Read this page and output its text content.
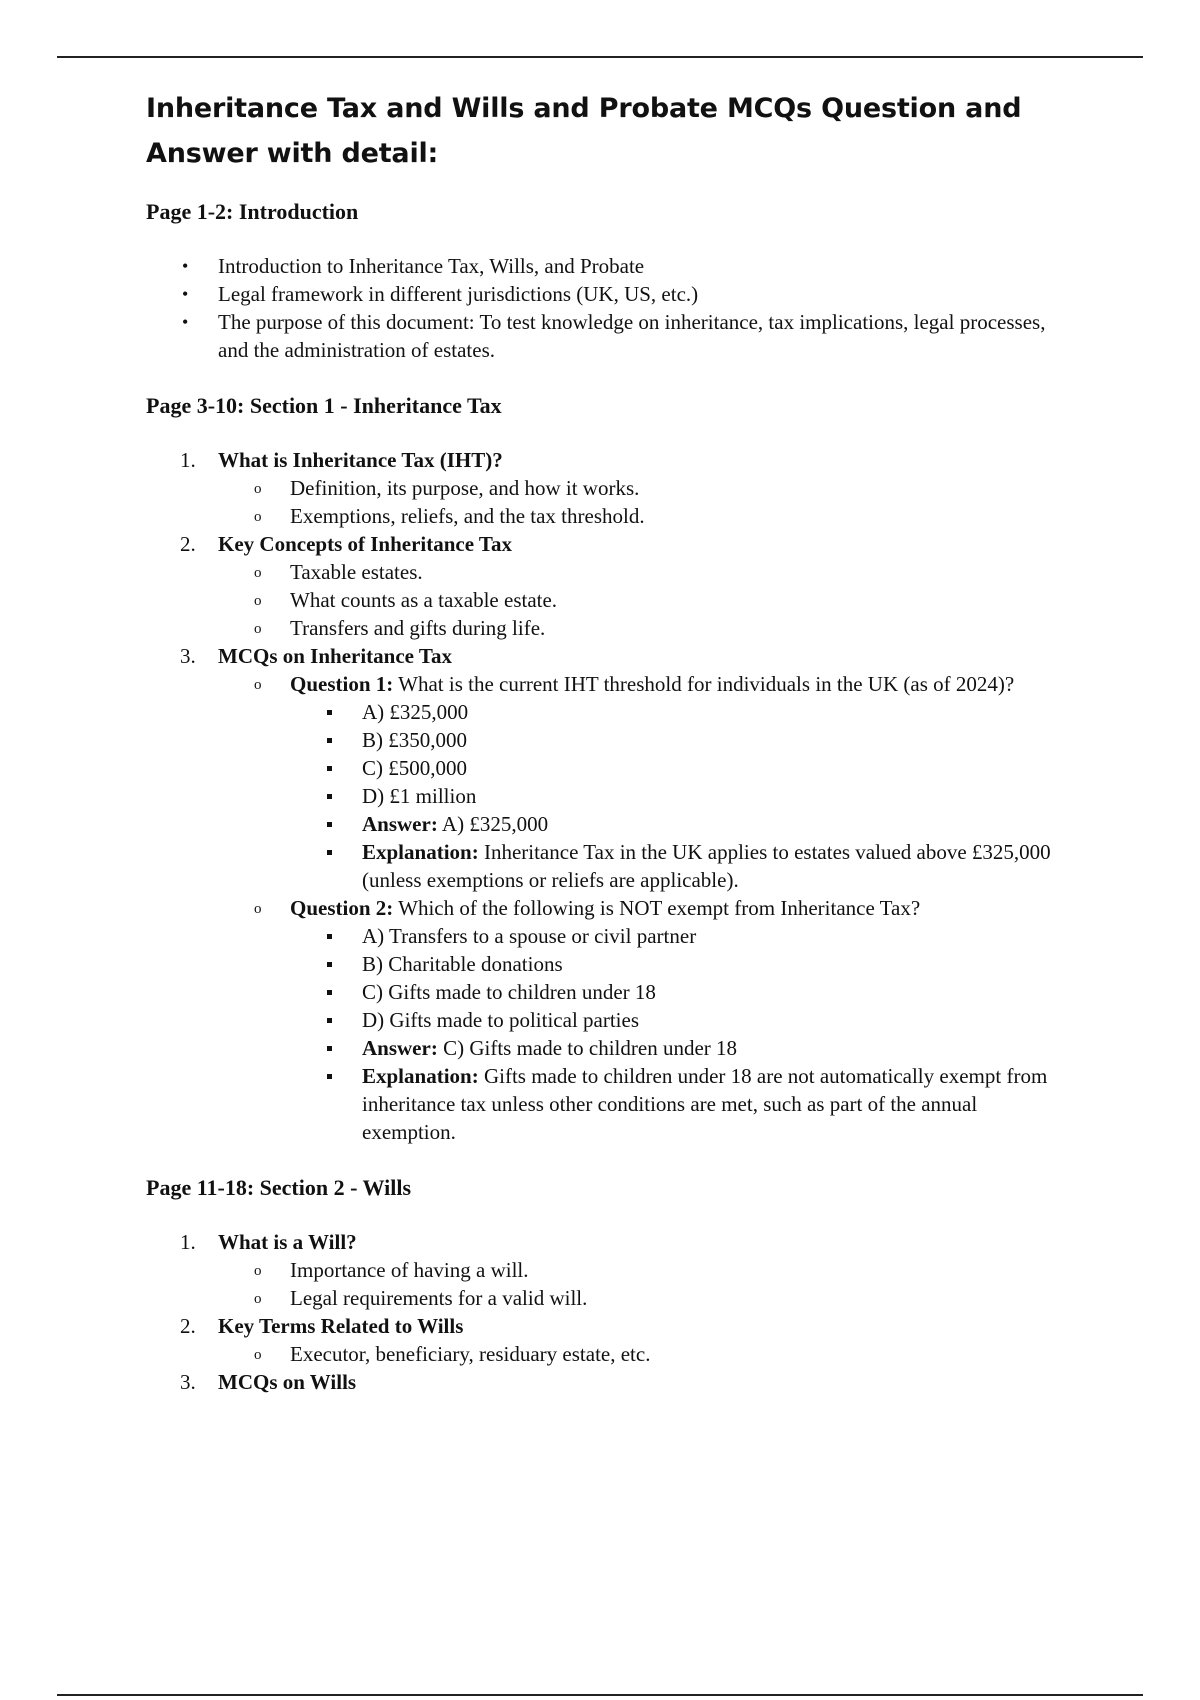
Inheritance Tax and Wills and Probate MCQs Question and Answer with detail:
Page 1-2: Introduction
• Introduction to Inheritance Tax, Wills, and Probate
• Legal framework in different jurisdictions (UK, US, etc.)
• The purpose of this document: To test knowledge on inheritance, tax implications, legal processes, and the administration of estates.
Page 3-10: Section 1 - Inheritance Tax
1. What is Inheritance Tax (IHT)?
o Definition, its purpose, and how it works.
o Exemptions, reliefs, and the tax threshold.
2. Key Concepts of Inheritance Tax
o Taxable estates.
o What counts as a taxable estate.
o Transfers and gifts during life.
3. MCQs on Inheritance Tax
o Question 1: What is the current IHT threshold for individuals in the UK (as of 2024)?
A) £325,000
B) £350,000
C) £500,000
D) £1 million
Answer: A) £325,000
Explanation: Inheritance Tax in the UK applies to estates valued above £325,000 (unless exemptions or reliefs are applicable).
o Question 2: Which of the following is NOT exempt from Inheritance Tax?
A) Transfers to a spouse or civil partner
B) Charitable donations
C) Gifts made to children under 18
D) Gifts made to political parties
Answer: C) Gifts made to children under 18
Explanation: Gifts made to children under 18 are not automatically exempt from inheritance tax unless other conditions are met, such as part of the annual exemption.
Page 11-18: Section 2 - Wills
1. What is a Will?
o Importance of having a will.
o Legal requirements for a valid will.
2. Key Terms Related to Wills
o Executor, beneficiary, residuary estate, etc.
3. MCQs on Wills
